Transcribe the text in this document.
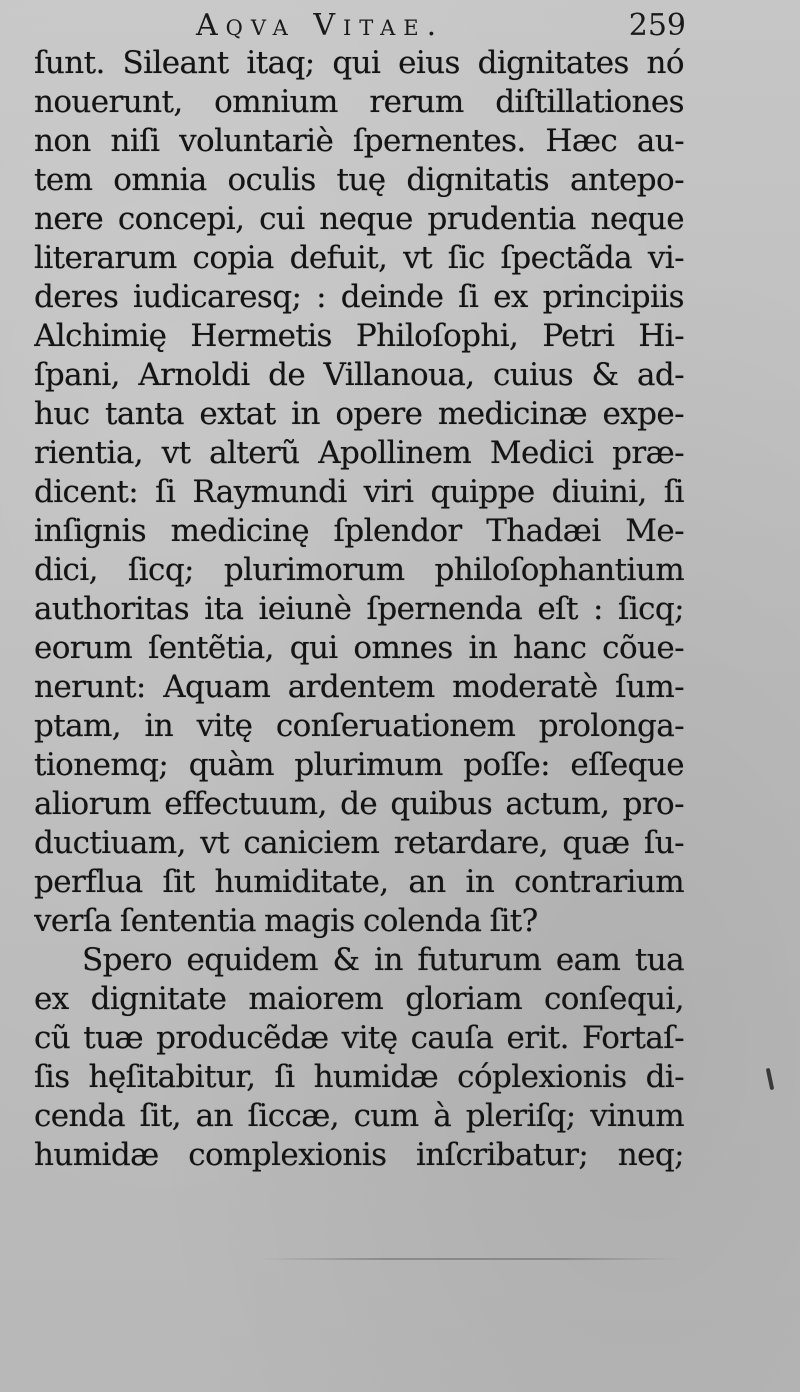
Aqva Vitae.	259
ſunt. Sileant itaq; qui eius dignitates nó
nouerunt, omnium rerum diſtillationes
non niſi voluntariè ſpernentes. Hæc au-
tem omnia oculis tuę dignitatis antepo-
nere concepi, cui neque prudentia neque
literarum copia defuit, vt ſic ſpectãda vi-
deres iudicaresq; : deinde ſi ex principiis
Alchimię Hermetis Philoſophi, Petri Hi-
ſpani, Arnoldi de Villanoua, cuius & ad-
huc tanta extat in opere medicinæ expe-
rientia, vt alterũ Apollinem Medici præ-
dicent: ſi Raymundi viri quippe diuini, ſi
inſignis medicinę ſplendor Thadæi Me-
dici, ſicq; plurimorum philoſophantium
authoritas ita ieiunè ſpernenda eſt : ſicq;
eorum ſentẽtia, qui omnes in hanc cõue-
nerunt: Aquam ardentem moderatè ſum-
ptam, in vitę conſeruationem prolonga-
tionemq; quàm plurimum poſſe: eſſeque
aliorum effectuum, de quibus actum, pro-
ductiuam, vt caniciem retardare, quæ ſu-
perflua ſit humiditate, an in contrarium
verſa ſententia magis colenda ſit?
Spero equidem & in futurum eam tua
ex dignitate maiorem gloriam conſequi,
cũ tuæ producẽdæ vitę cauſa erit. Fortaſ-
ſis hęſitabitur, ſi humidæ cóplexionis di-
cenda ſit, an ſiccæ, cum à pleriſq; vinum
humidæ complexionis inſcribatur; neq;
